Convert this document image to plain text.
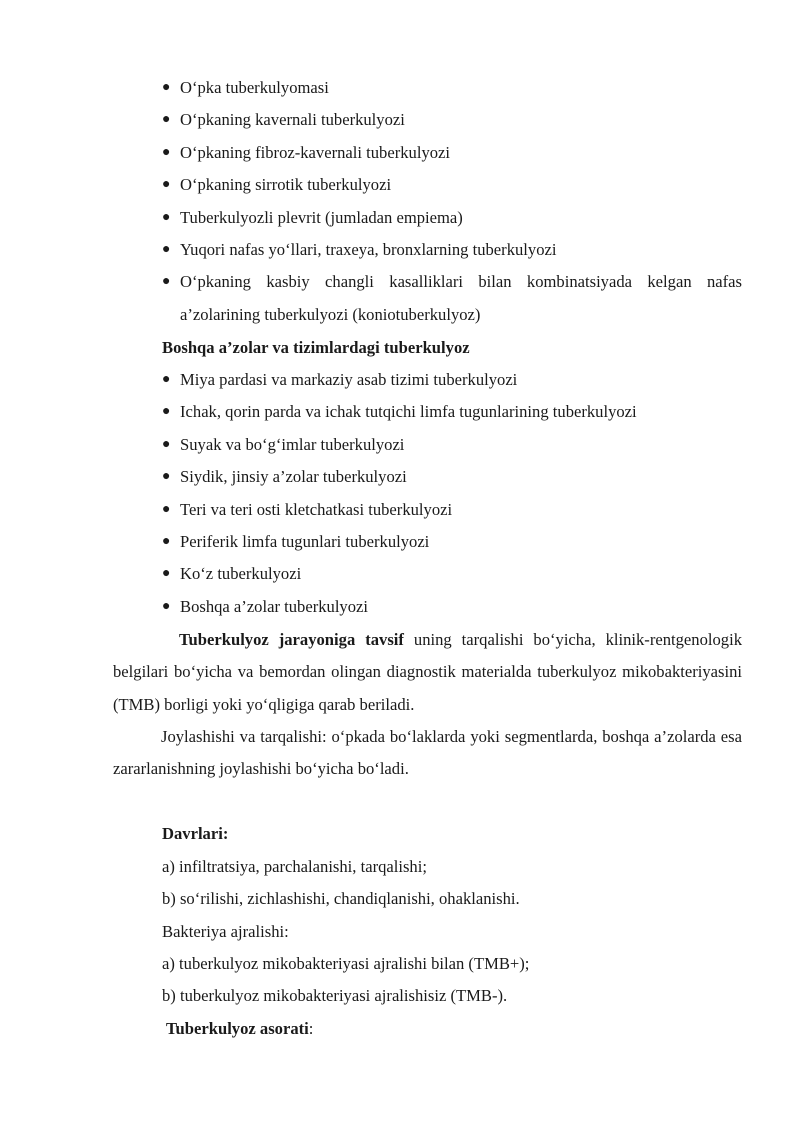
● O‘pka tuberkulyomasi
● O‘pkaning kavernali tuberkulyozi
● O‘pkaning fibroz-kavernali tuberkulyozi
● O‘pkaning sirrotik tuberkulyozi
● Tuberkulyozli plevrit (jumladan empiema)
● Yuqori nafas yo‘llari, traxeya, bronxlarning tuberkulyozi
● O‘pkaning kasbiy changli kasalliklari bilan kombinatsiyada kelgan nafas a’zolarining tuberkulyozi (koniotuberkulyoz)
Boshqa a’zolar va tizimlardagi tuberkulyoz
● Miya pardasi va markaziy asab tizimi tuberkulyozi
● Ichak, qorin parda va ichak tutqichi limfa tugunlarining tuberkulyozi
● Suyak va bo‘g‘imlar tuberkulyozi
● Siydik, jinsiy a’zolar tuberkulyozi
● Teri va teri osti kletchatkasi tuberkulyozi
● Periferik limfa tugunlari tuberkulyozi
● Ko‘z tuberkulyozi
● Boshqa a’zolar tuberkulyozi

Tuberkulyoz jarayoniga tavsif uning tarqalishi bo‘yicha, klinik-rentgenologik belgilari bo‘yicha va bemordan olingan diagnostik materialda tuberkulyoz mikobakteriyasini (TMB) borligi yoki yo‘qligiga qarab beriladi.

Joylashishi va tarqalishi: o‘pkada bo‘laklarda yoki segmentlarda, boshqa a’zolarda esa zararlanishning joylashishi bo‘yicha bo‘ladi.

Davrlari:
a) infiltratsiya, parchalanishi, tarqalishi;
b) so‘rilishi, zichlashishi, chandiqlanishi, ohaklanishi.
Bakteriya ajralishi:
a) tuberkulyoz mikobakteriyasi ajralishi bilan (TMB+);
b) tuberkulyoz mikobakteriyasi ajralishisiz (TMB-).
Tuberkulyoz asorati:
